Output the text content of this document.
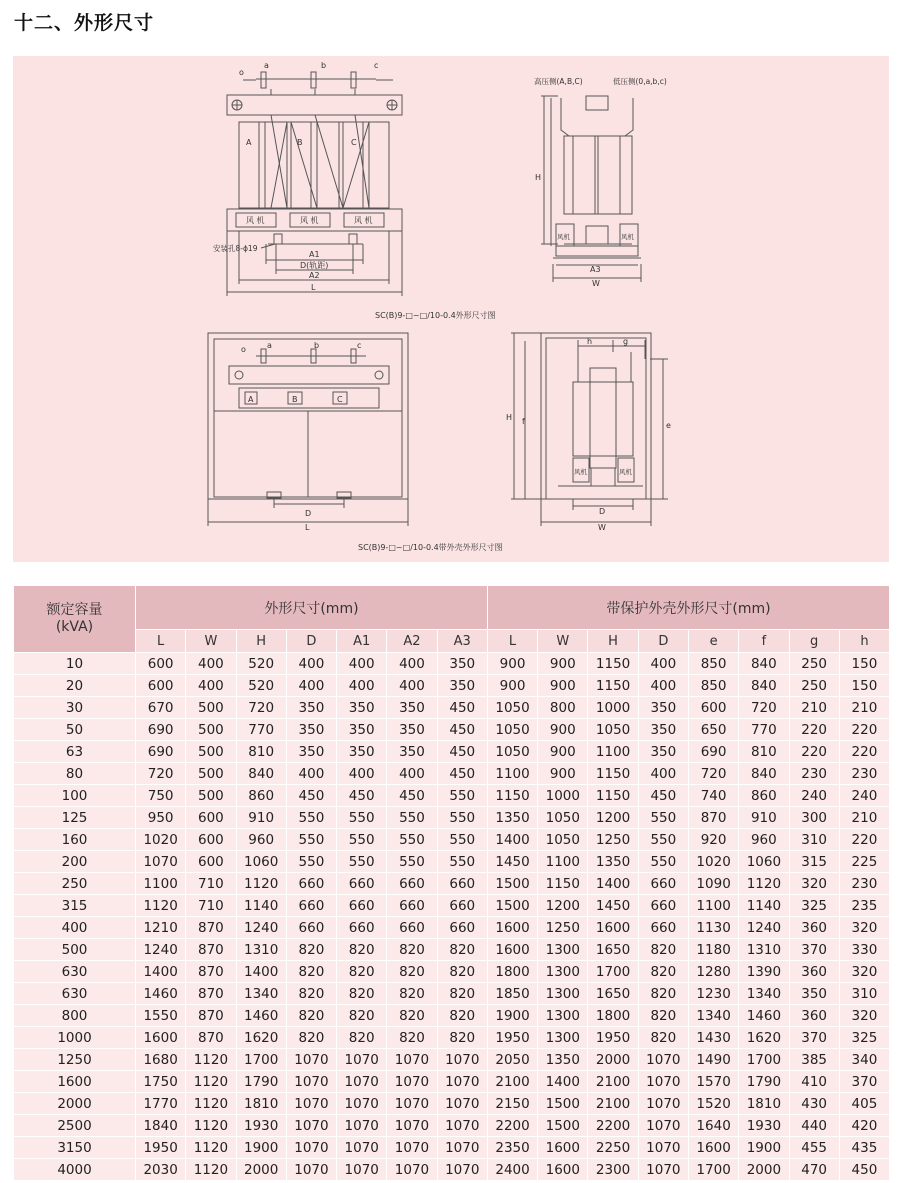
十二、外形尺寸
o
a	b	c
A	B	C
风 机	风 机	风 机
安装孔8-ϕ19
A1
D(轨距)
A2
L
SC(B)9-□~□/10-0.4外形尺寸图
高压侧(A,B,C)	低压侧(0,a,b,c)
H
风机	风机
A3
W
o	a	b	c
A	B	C
D
L
SC(B)9-□~□/10-0.4带外壳外形尺寸图
h	g
H f	e
风机	风机
D
W
额定容量
(kVA)	外形尺寸(mm)							带保护外壳外形尺寸(mm)							
	L	W	H	D	A1	A2	A3	L	W	H	D	e	f	g	h
10	600	400	520	400	400	400	350	900	900	1150	400	850	840	250	150
20	600	400	520	400	400	400	350	900	900	1150	400	850	840	250	150
30	670	500	720	350	350	350	450	1050	800	1000	350	600	720	210	210
50	690	500	770	350	350	350	450	1050	900	1050	350	650	770	220	220
63	690	500	810	350	350	350	450	1050	900	1100	350	690	810	220	220
80	720	500	840	400	400	400	450	1100	900	1150	400	720	840	230	230
100	750	500	860	450	450	450	550	1150	1000	1150	450	740	860	240	240
125	950	600	910	550	550	550	550	1350	1050	1200	550	870	910	300	210
160	1020	600	960	550	550	550	550	1400	1050	1250	550	920	960	310	220
200	1070	600	1060	550	550	550	550	1450	1100	1350	550	1020	1060	315	225
250	1100	710	1120	660	660	660	660	1500	1150	1400	660	1090	1120	320	230
315	1120	710	1140	660	660	660	660	1500	1200	1450	660	1100	1140	325	235
400	1210	870	1240	660	660	660	660	1600	1250	1600	660	1130	1240	360	320
500	1240	870	1310	820	820	820	820	1600	1300	1650	820	1180	1310	370	330
630	1400	870	1400	820	820	820	820	1800	1300	1700	820	1280	1390	360	320
630	1460	870	1340	820	820	820	820	1850	1300	1650	820	1230	1340	350	310
800	1550	870	1460	820	820	820	820	1900	1300	1800	820	1340	1460	360	320
1000	1600	870	1620	820	820	820	820	1950	1300	1950	820	1430	1620	370	325
1250	1680	1120	1700	1070	1070	1070	1070	2050	1350	2000	1070	1490	1700	385	340
1600	1750	1120	1790	1070	1070	1070	1070	2100	1400	2100	1070	1570	1790	410	370
2000	1770	1120	1810	1070	1070	1070	1070	2150	1500	2100	1070	1520	1810	430	405
2500	1840	1120	1930	1070	1070	1070	1070	2200	1500	2200	1070	1640	1930	440	420
3150	1950	1120	1900	1070	1070	1070	1070	2350	1600	2250	1070	1600	1900	455	435
4000	2030	1120	2000	1070	1070	1070	1070	2400	1600	2300	1070	1700	2000	470	450
